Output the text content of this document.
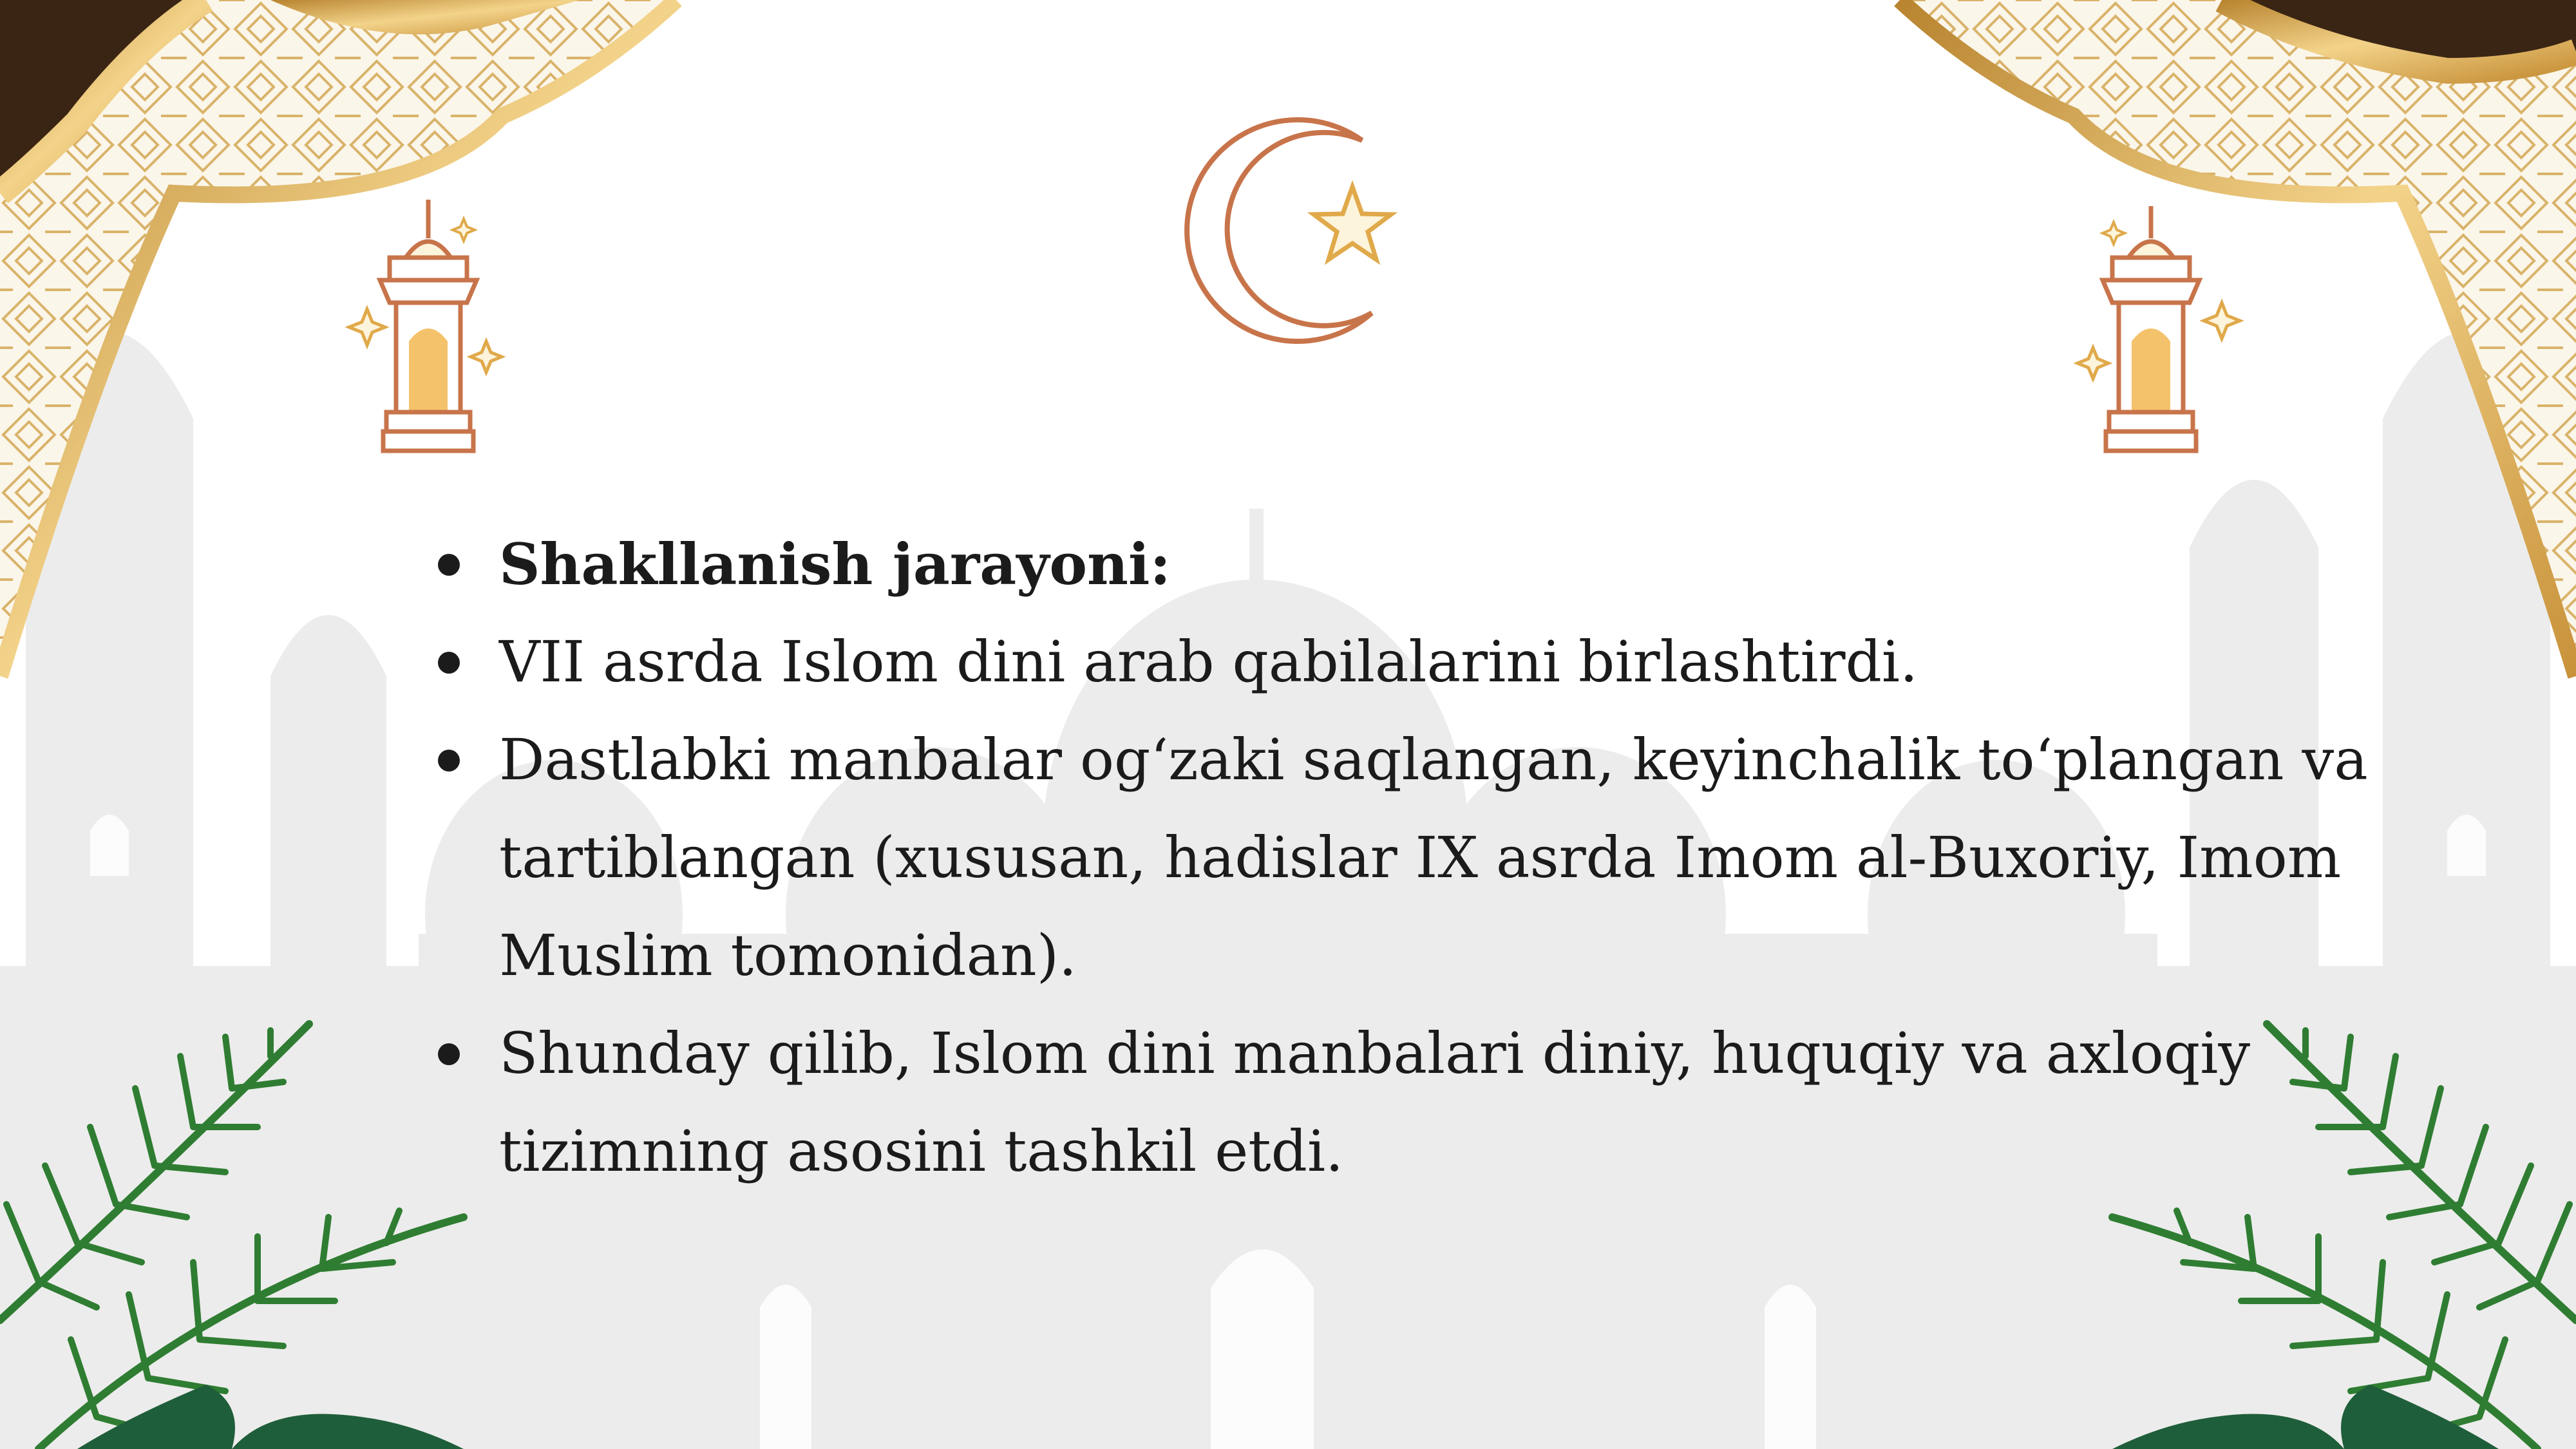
Shakllanish jarayoni:
VII asrda Islom dini arab qabilalarini birlashtirdi.
Dastlabki manbalar og‘zaki saqlangan, keyinchalik to‘plangan va tartiblangan (xususan, hadislar IX asrda Imom al-Buxoriy, Imom Muslim tomonidan).
Shunday qilib, Islom dini manbalari diniy, huquqiy va axloqiy tizimning asosini tashkil etdi.
